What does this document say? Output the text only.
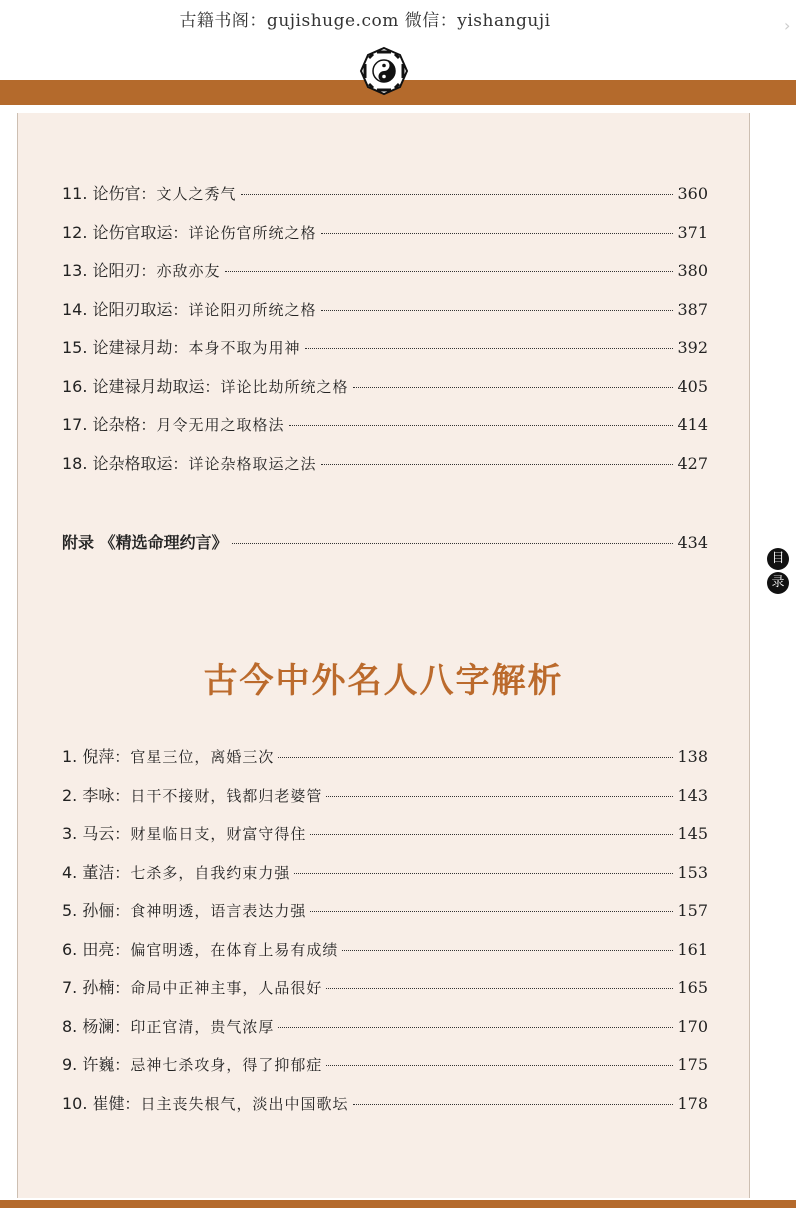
古籍书阁：gujishuge.com 微信：yishanguji	›
11. 论伤官 ：文人之秀气	360
12. 论伤官取运 ：详论伤官所统之格	371
13. 论阳刃 ：亦敌亦友	380
14. 论阳刃取运 ：详论阳刃所统之格	387
15. 论建禄月劫 ：本身不取为用神	392
16. 论建禄月劫取运 ：详论比劫所统之格	405
17. 论杂格 ：月令无用之取格法	414
18. 论杂格取运 ：详论杂格取运之法	427
附录 《精选命理约言》	434
古今中外名人八字解析
1. 倪萍 ：官星三位，离婚三次	138
2. 李咏 ：日干不接财，钱都归老婆管	143
3. 马云 ：财星临日支，财富守得住	145
4. 董洁 ：七杀多，自我约束力强	153
5. 孙俪 ：食神明透，语言表达力强	157
6. 田亮 ：偏官明透，在体育上易有成绩	161
7. 孙楠 ：命局中正神主事，人品很好	165
8. 杨澜 ：印正官清，贵气浓厚	170
9. 许巍 ：忌神七杀攻身，得了抑郁症	175
10. 崔健 ：日主丧失根气，淡出中国歌坛	178
目
录
